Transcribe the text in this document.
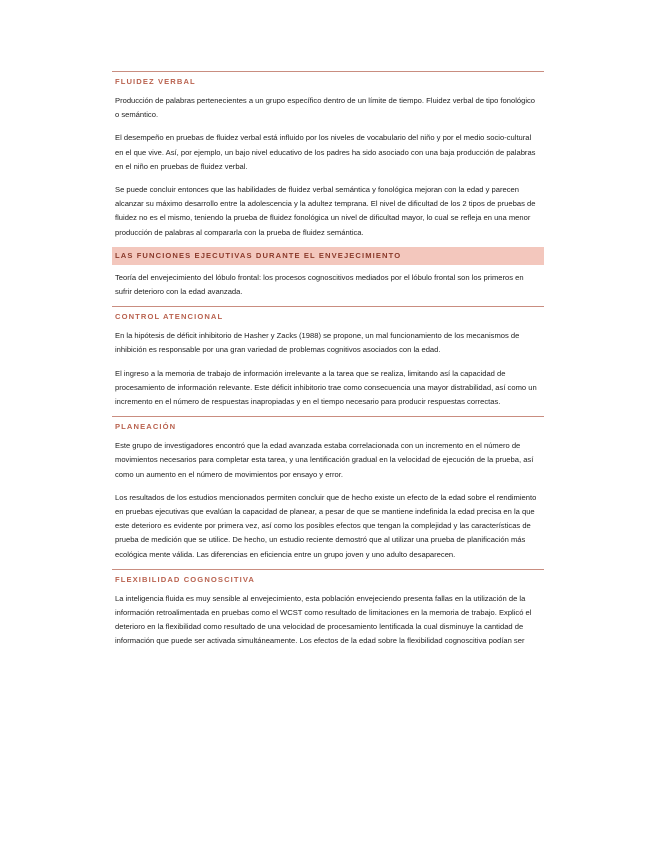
FLUIDEZ VERBAL

Producción de palabras pertenecientes a un grupo específico dentro de un límite de tiempo. Fluidez verbal de tipo fonológico o semántico.

El desempeño en pruebas de fluidez verbal está influido por los niveles de vocabulario del niño y por el medio socio-cultural en el que vive. Así, por ejemplo, un bajo nivel educativo de los padres ha sido asociado con una baja producción de palabras en el niño en pruebas de fluidez verbal.

Se puede concluir entonces que las habilidades de fluidez verbal semántica y fonológica mejoran con la edad y parecen alcanzar su máximo desarrollo entre la adolescencia y la adultez temprana. El nivel de dificultad de los 2 tipos de pruebas de fluidez no es el mismo, teniendo la prueba de fluidez fonológica un nivel de dificultad mayor, lo cual se refleja en una menor producción de palabras al compararla con la prueba de fluidez semántica.

LAS FUNCIONES EJECUTIVAS DURANTE EL ENVEJECIMIENTO

Teoría del envejecimiento del lóbulo frontal: los procesos cognoscitivos mediados por el lóbulo frontal son los primeros en sufrir deterioro con la edad avanzada.

CONTROL ATENCIONAL

En la hipótesis de déficit inhibitorio de Hasher y Zacks (1988) se propone, un mal funcionamiento de los mecanismos de inhibición es responsable por una gran variedad de problemas cognitivos asociados con la edad.

El ingreso a la memoria de trabajo de información irrelevante a la tarea que se realiza, limitando así la capacidad de procesamiento de información relevante. Este déficit inhibitorio trae como consecuencia una mayor distrabilidad, así como un incremento en el número de respuestas inapropiadas y en el tiempo necesario para producir respuestas correctas.

PLANEACIÓN

Este grupo de investigadores encontró que la edad avanzada estaba correlacionada con un incremento en el número de movimientos necesarios para completar esta tarea, y una lentificación gradual en la velocidad de ejecución de la prueba, así como un aumento en el número de movimientos por ensayo y error.

Los resultados de los estudios mencionados permiten concluir que de hecho existe un efecto de la edad sobre el rendimiento en pruebas ejecutivas que evalúan la capacidad de planear, a pesar de que se mantiene indefinida la edad precisa en la que este deterioro es evidente por primera vez, así como los posibles efectos que tengan la complejidad y las características de prueba de medición que se utilice. De hecho, un estudio reciente demostró que al utilizar una prueba de planificación más ecológica mente válida. Las diferencias en eficiencia entre un grupo joven y uno adulto desaparecen.

FLEXIBILIDAD COGNOSCITIVA

La inteligencia fluida es muy sensible al envejecimiento, esta población envejeciendo presenta fallas en la utilización de la información retroalimentada en pruebas como el WCST como resultado de limitaciones en la memoria de trabajo. Explicó el deterioro en la flexibilidad como resultado de una velocidad de procesamiento lentificada la cual disminuye la cantidad de información que puede ser activada simultáneamente. Los efectos de la edad sobre la flexibilidad cognoscitiva podían ser
